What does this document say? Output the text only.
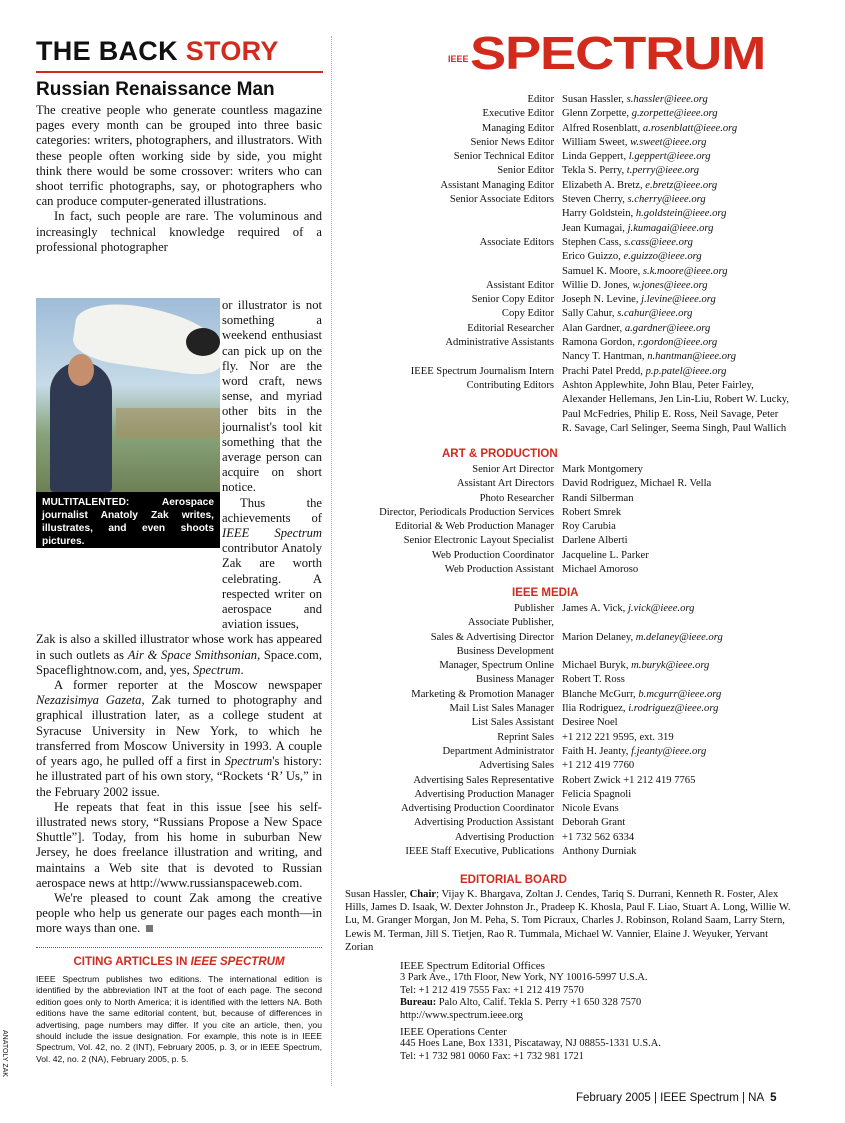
THE BACK STORY
Russian Renaissance Man

The creative people who generate countless magazine pages every month can be grouped into three basic categories: writers, photographers, and illustrators. With these people often working side by side, you might think there would be some crossover: writers who can shoot terrific photographs, say, or photographers who can produce computer-generated illustrations.

In fact, such people are rare. The voluminous and increasingly technical knowledge required of a professional photographer

or illustrator is not something a weekend enthusiast can pick up on the fly. Nor are the word craft, news sense, and myriad other bits in the journalist's tool kit something that the average person can acquire on short notice.
Thus the achievements of IEEE Spectrum contributor Anatoly Zak are worth celebrating. A respected writer on aerospace and aviation issues,
Zak is also a skilled illustrator whose work has appeared in such outlets as Air & Space Smithsonian, Space.com, Spaceflightnow.com, and, yes, Spectrum.
A former reporter at the Moscow newspaper Nezazisimya Gazeta, Zak turned to photography and graphical illustration later, as a college student at Syracuse University in New York, to which he transferred from Moscow University in 1993. A couple of years ago, he pulled off a first in Spectrum's history: he illustrated part of his own story, “Rockets ‘R’ Us,” in the February 2002 issue.
He repeats that feat in this issue [see his self-illustrated news story, “Russians Propose a New Space Shuttle”]. Today, from his home in suburban New Jersey, he does freelance illustration and writing, and maintains a Web site that is devoted to Russian aerospace news at http://www.russianspaceweb.com.
We're pleased to count Zak among the creative people who help us generate our pages each month—in more ways than one.
MULTITALENTED:	Aerospace journalist Anatoly Zak writes, illustrates, and even shoots pictures.
CITING ARTICLES IN IEEE SPECTRUM
IEEE Spectrum publishes two editions. The international edition is identified by the abbreviation INT at the foot of each page. The second edition goes only to North America; it is identified with the letters NA. Both editions have the same editorial content, but, because of differences in advertising, page numbers may differ. If you cite an article, then, you should include the issue designation. For example, this note is in IEEE Spectrum, Vol. 42, no. 2 (INT), February 2005, p. 3, or in IEEE Spectrum, Vol. 42, no. 2 (NA), February 2005, p. 5.
ANATOLY ZAK
IEEE SPECTRUM
Editor Susan Hassler, s.hassler@ieee.org
Executive Editor Glenn Zorpette, g.zorpette@ieee.org
Managing Editor Alfred Rosenblatt, a.rosenblatt@ieee.org
Senior News Editor William Sweet, w.sweet@ieee.org
Senior Technical Editor Linda Geppert, l.geppert@ieee.org
Senior Editor Tekla S. Perry, t.perry@ieee.org
Assistant Managing Editor Elizabeth A. Bretz, e.bretz@ieee.org
Senior Associate Editors Steven Cherry, s.cherry@ieee.org
Harry Goldstein, h.goldstein@ieee.org
Jean Kumagai, j.kumagai@ieee.org
Associate Editors Stephen Cass, s.cass@ieee.org
Erico Guizzo, e.guizzo@ieee.org
Samuel K. Moore, s.k.moore@ieee.org
Assistant Editor Willie D. Jones, w.jones@ieee.org
Senior Copy Editor Joseph N. Levine, j.levine@ieee.org
Copy Editor Sally Cahur, s.cahur@ieee.org
Editorial Researcher Alan Gardner, a.gardner@ieee.org
Administrative Assistants Ramona Gordon, r.gordon@ieee.org
Nancy T. Hantman, n.hantman@ieee.org
IEEE Spectrum Journalism Intern Prachi Patel Predd, p.p.patel@ieee.org
Contributing Editors Ashton Applewhite, John Blau, Peter Fairley,
Alexander Hellemans, Jen Lin-Liu, Robert W. Lucky,
Paul McFedries, Philip E. Ross, Neil Savage, Peter
R. Savage, Carl Selinger, Seema Singh, Paul Wallich
ART & PRODUCTION
Senior Art Director Mark Montgomery
Assistant Art Directors David Rodriguez, Michael R. Vella
Photo Researcher Randi Silberman
Director, Periodicals Production Services Robert Smrek
Editorial & Web Production Manager Roy Carubia
Senior Electronic Layout Specialist Darlene Alberti
Web Production Coordinator Jacqueline L. Parker
Web Production Assistant Michael Amoroso
IEEE MEDIA
Publisher James A. Vick, j.vick@ieee.org
Associate Publisher,
Sales & Advertising Director Marion Delaney, m.delaney@ieee.org
Business Development
Manager, Spectrum Online Michael Buryk, m.buryk@ieee.org
Business Manager Robert T. Ross
Marketing & Promotion Manager Blanche McGurr, b.mcgurr@ieee.org
Mail List Sales Manager Ilia Rodriguez, i.rodriguez@ieee.org
List Sales Assistant Desiree Noel
Reprint Sales +1 212 221 9595, ext. 319
Department Administrator Faith H. Jeanty, f.jeanty@ieee.org
Advertising Sales +1 212 419 7760
Advertising Sales Representative Robert Zwick +1 212 419 7765
Advertising Production Manager Felicia Spagnoli
Advertising Production Coordinator Nicole Evans
Advertising Production Assistant Deborah Grant
Advertising Production +1 732 562 6334
IEEE Staff Executive, Publications Anthony Durniak
EDITORIAL BOARD
Susan Hassler, Chair; Vijay K. Bhargava, Zoltan J. Cendes, Tariq S. Durrani, Kenneth R. Foster, Alex Hills, James D. Isaak, W. Dexter Johnston Jr., Pradeep K. Khosla, Paul F. Liao, Stuart A. Long, Willie W. Lu, M. Granger Morgan, Jon M. Peha, S. Tom Picraux, Charles J. Robinson, Roland Saam, Larry Stern, Lewis M. Terman, Jill S. Tietjen, Rao R. Tummala, Michael W. Vannier, Elaine J. Weyuker, Yervant Zorian
IEEE Spectrum Editorial Offices
3 Park Ave., 17th Floor, New York, NY 10016-5997 U.S.A.
Tel: +1 212 419 7555 Fax: +1 212 419 7570
Bureau: Palo Alto, Calif. Tekla S. Perry +1 650 328 7570
http://www.spectrum.ieee.org
IEEE Operations Center
445 Hoes Lane, Box 1331, Piscataway, NJ 08855-1331 U.S.A.
Tel: +1 732 981 0060 Fax: +1 732 981 1721
February 2005 | IEEE Spectrum | NA 5
